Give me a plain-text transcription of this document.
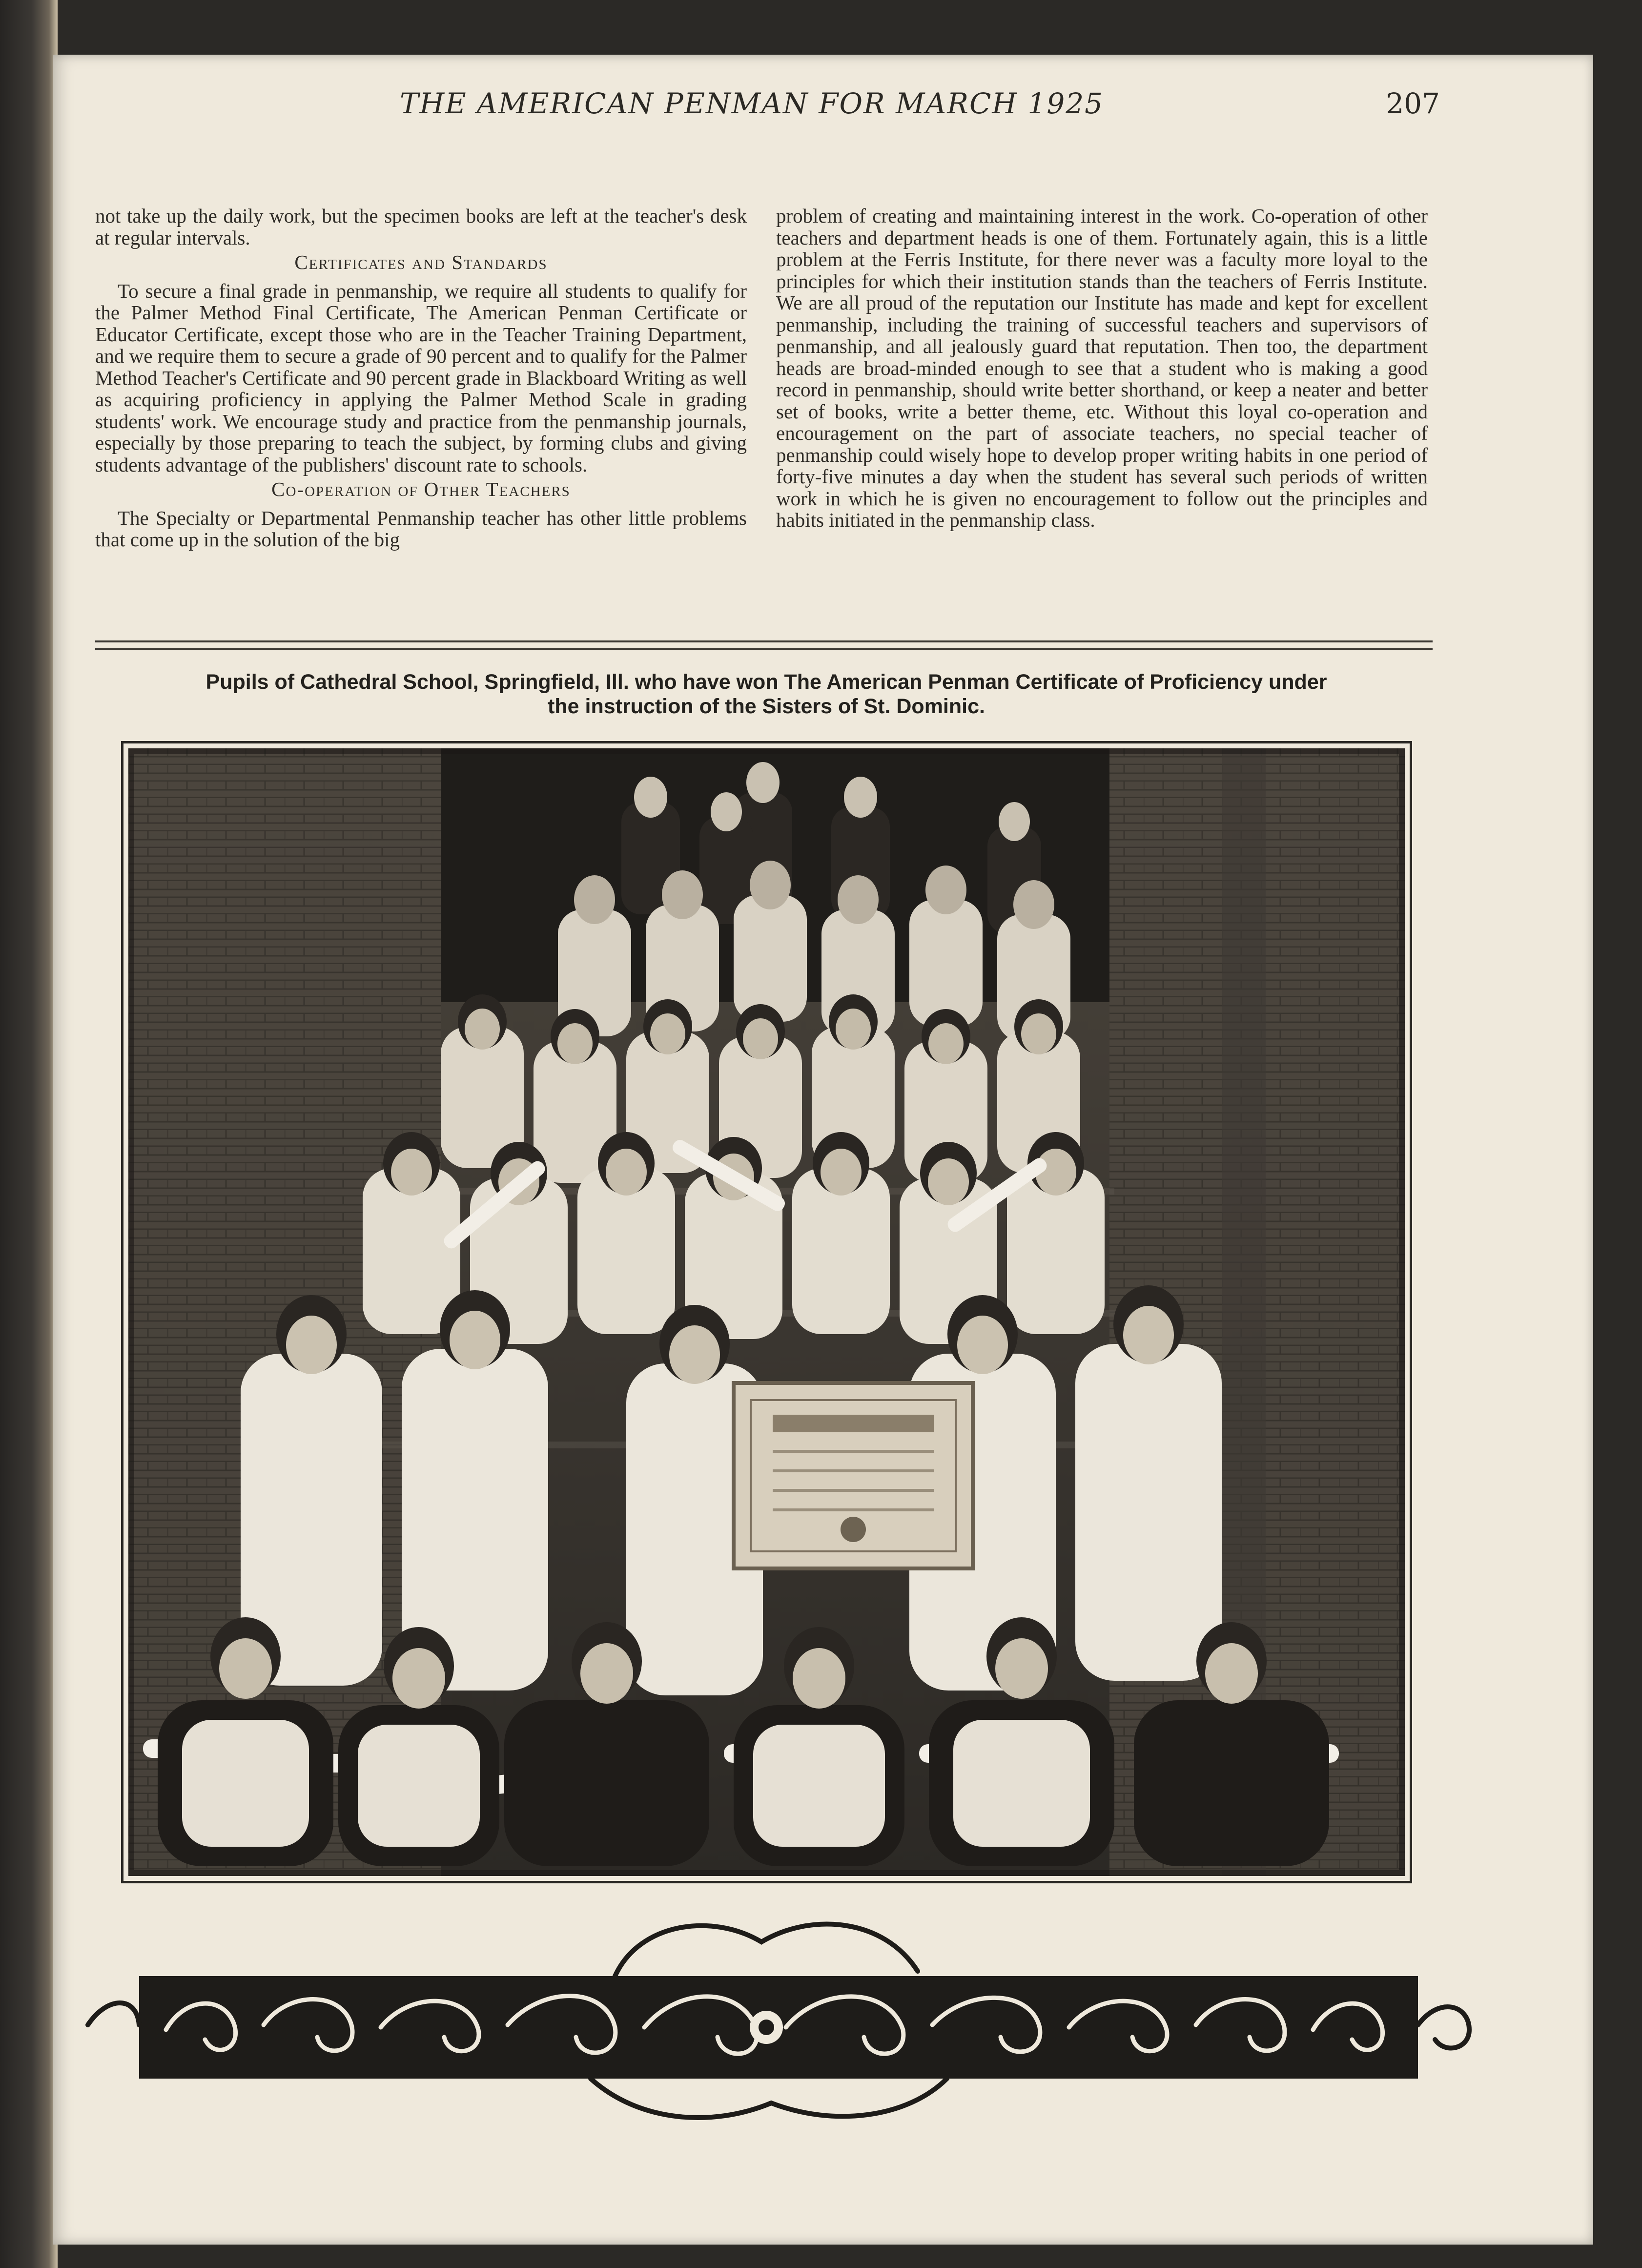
THE AMERICAN PENMAN FOR MARCH 1925	207

not take up the daily work, but the specimen books are left at the teacher's desk at regular intervals.

Certificates and Standards

To secure a final grade in penmanship, we require all students to qualify for the Palmer Method Final Certificate, The American Penman Certificate or Educator Certificate, except those who are in the Teacher Training Department, and we require them to secure a grade of 90 percent and to qualify for the Palmer Method Teacher's Certificate and 90 percent grade in Blackboard Writing as well as acquiring proficiency in applying the Palmer Method Scale in grading students' work. We encourage study and practice from the penmanship journals, especially by those preparing to teach the subject, by forming clubs and giving students advantage of the publishers' discount rate to schools.

Co-operation of Other Teachers

The Specialty or Departmental Penmanship teacher has other little problems that come up in the solution of the big

problem of creating and maintaining interest in the work. Co-operation of other teachers and department heads is one of them. Fortunately again, this is a little problem at the Ferris Institute, for there never was a faculty more loyal to the principles for which their institution stands than the teachers of Ferris Institute. We are all proud of the reputation our Institute has made and kept for excellent penmanship, including the training of successful teachers and supervisors of penmanship, and all jealously guard that reputation. Then too, the department heads are broad-minded enough to see that a student who is making a good record in penmanship, should write better shorthand, or keep a neater and better set of books, write a better theme, etc. Without this loyal co-operation and encouragement on the part of associate teachers, no special teacher of penmanship could wisely hope to develop proper writing habits in one period of forty-five minutes a day when the student has several such periods of written work in which he is given no encouragement to follow out the principles and habits initiated in the penmanship class.

Pupils of Cathedral School, Springfield, Ill. who have won The American Penman Certificate of Proficiency under
the instruction of the Sisters of St. Dominic.
